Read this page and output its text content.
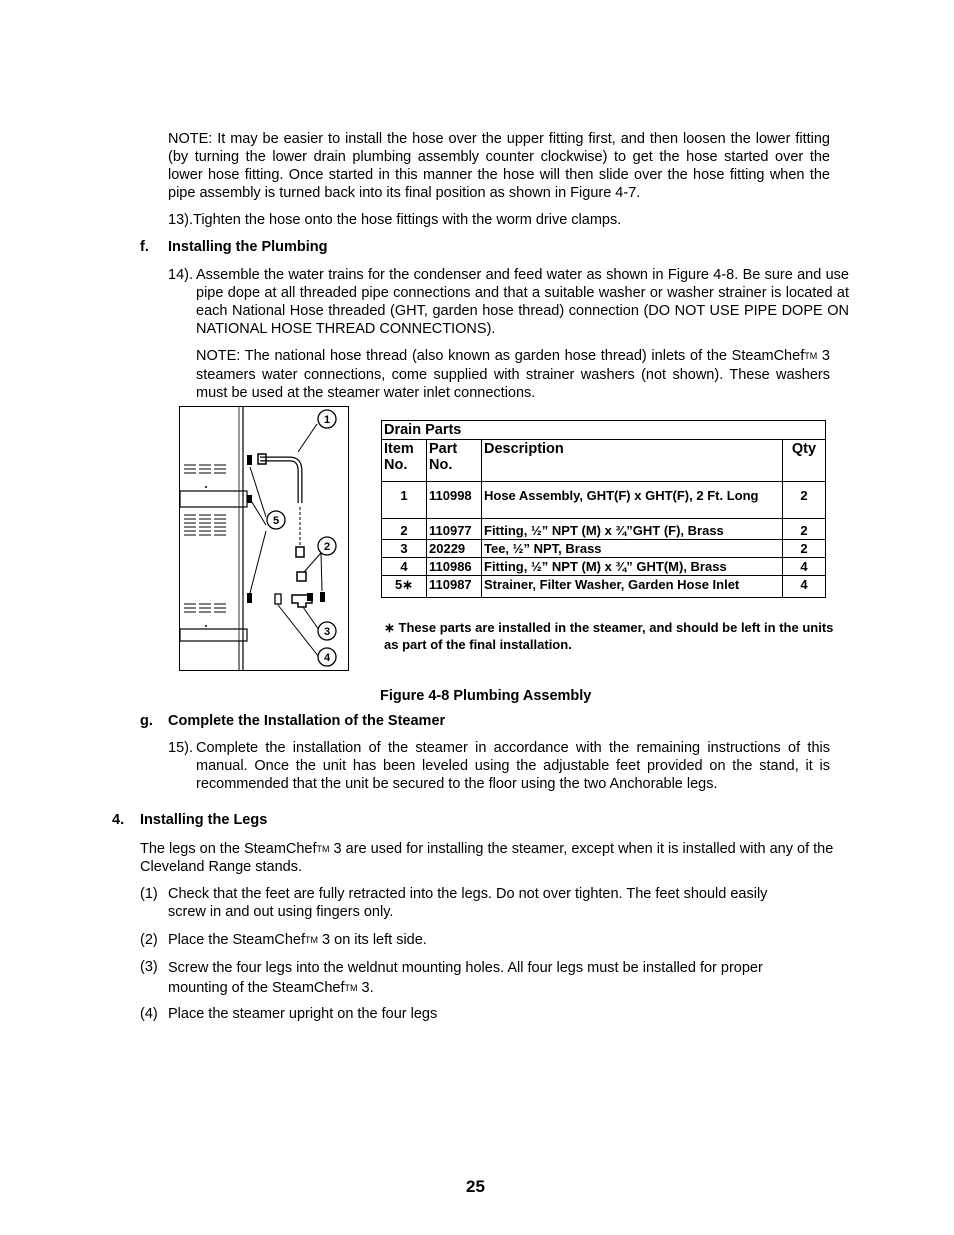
NOTE: It may be easier to install the hose over the upper fitting first, and then loosen the lower fitting (by turning the lower drain plumbing assembly counter clockwise) to get the hose started over the lower hose fitting. Once started in this manner the hose will then slide over the hose fitting when the pipe assembly is turned back into its final position as shown in Figure 4-7.
13).Tighten the hose onto the hose fittings with the worm drive clamps.
f. Installing the Plumbing
14). Assemble the water trains for the condenser and feed water as shown in Figure 4-8. Be sure and use pipe dope at all threaded pipe connections and that a suitable washer or washer strainer is located at each National Hose threaded (GHT, garden hose thread) connection (DO NOT USE PIPE DOPE ON NATIONAL HOSE THREAD CONNECTIONS).
NOTE: The national hose thread (also known as garden hose thread) inlets of the SteamChefTM 3 steamers water connections, come supplied with strainer washers (not shown). These washers must be used at the steamer water inlet connections.
1
5
2
3
4
Drain Parts			
Item No.	Part No.	Description	Qty
1	110998	Hose Assembly, GHT(F) x GHT(F), 2 Ft. Long	2
2	110977	Fitting, ½” NPT (M) x ¾”GHT (F), Brass	2
3	20229	Tee, ½” NPT, Brass	2
4	110986	Fitting, ½” NPT (M) x ¾” GHT(M), Brass	4
5∗	110987	Strainer, Filter Washer, Garden Hose Inlet	4
∗ These parts are installed in the steamer, and should be left in the units as part of the final installation.
Figure 4-8 Plumbing Assembly
g. Complete the Installation of the Steamer
15). Complete the installation of the steamer in accordance with the remaining instructions of this manual. Once the unit has been leveled using the adjustable feet provided on the stand, it is recommended that the unit be secured to the floor using the two Anchorable legs.
4. Installing the Legs
The legs on the SteamChefTM 3 are used for installing the steamer, except when it is installed with any of the Cleveland Range stands.
(1) Check that the feet are fully retracted into the legs. Do not over tighten. The feet should easily screw in and out using fingers only.
(2) Place the SteamChefTM 3 on its left side.
(3) Screw the four legs into the weldnut mounting holes. All four legs must be installed for proper mounting of the SteamChefTM 3.
(4) Place the steamer upright on the four legs
25
